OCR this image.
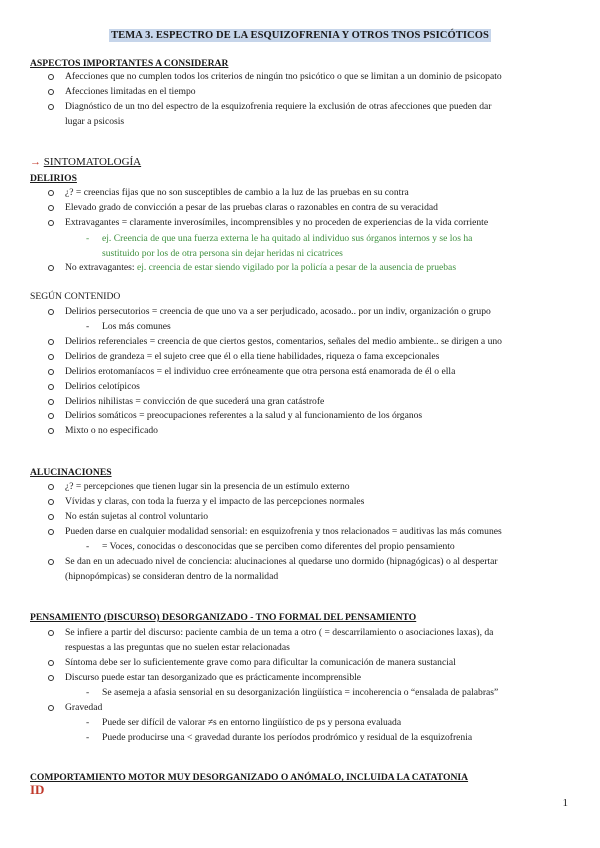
TEMA 3. ESPECTRO DE LA ESQUIZOFRENIA Y OTROS TNOS PSICÓTICOS
ASPECTOS IMPORTANTES A CONSIDERAR
Afecciones que no cumplen todos los criterios de ningún tno psicótico o que se limitan a un dominio de psicopato
Afecciones limitadas en el tiempo
Diagnóstico de un tno del espectro de la esquizofrenia requiere la exclusión de otras afecciones que pueden dar
lugar a psicosis
→ SINTOMATOLOGÍA
DELIRIOS
¿? = creencias fijas que no son susceptibles de cambio a la luz de las pruebas en su contra
Elevado grado de convicción a pesar de las pruebas claras o razonables en contra de su veracidad
Extravagantes = claramente inverosímiles, incomprensibles y no proceden de experiencias de la vida corriente
- ej. Creencia de que una fuerza externa le ha quitado al individuo sus órganos internos y se los ha
sustituido por los de otra persona sin dejar heridas ni cicatrices
No extravagantes: ej. creencia de estar siendo vigilado por la policía a pesar de la ausencia de pruebas
SEGÚN CONTENIDO
Delirios persecutorios = creencia de que uno va a ser perjudicado, acosado.. por un indiv, organización o grupo
- Los más comunes
Delirios referenciales = creencia de que ciertos gestos, comentarios, señales del medio ambiente.. se dirigen a uno
Delirios de grandeza = el sujeto cree que él o ella tiene habilidades, riqueza o fama excepcionales
Delirios erotomaníacos = el individuo cree erróneamente que otra persona está enamorada de él o ella
Delirios celotípicos
Delirios nihilistas = convicción de que sucederá una gran catástrofe
Delirios somáticos = preocupaciones referentes a la salud y al funcionamiento de los órganos
Mixto o no especificado
ALUCINACIONES
¿? = percepciones que tienen lugar sin la presencia de un estímulo externo
Vívidas y claras, con toda la fuerza y el impacto de las percepciones normales
No están sujetas al control voluntario
Pueden darse en cualquier modalidad sensorial: en esquizofrenia y tnos relacionados = auditivas las más comunes
- = Voces, conocidas o desconocidas que se perciben como diferentes del propio pensamiento
Se dan en un adecuado nivel de conciencia: alucinaciones al quedarse uno dormido (hipnagógicas) o al despertar
(hipnopómpicas) se consideran dentro de la normalidad
PENSAMIENTO (DISCURSO) DESORGANIZADO - TNO FORMAL DEL PENSAMIENTO
Se infiere a partir del discurso: paciente cambia de un tema a otro ( = descarrilamiento o asociaciones laxas), da
respuestas a las preguntas que no suelen estar relacionadas
Síntoma debe ser lo suficientemente grave como para dificultar la comunicación de manera sustancial
Discurso puede estar tan desorganizado que es prácticamente incomprensible
- Se asemeja a afasia sensorial en su desorganización lingüística = incoherencia o “ensalada de palabras”
Gravedad
- Puede ser difícil de valorar ≠s en entorno lingüístico de ps y persona evaluada
- Puede producirse una < gravedad durante los períodos prodrómico y residual de la esquizofrenia
COMPORTAMIENTO MOTOR MUY DESORGANIZADO O ANÓMALO, INCLUIDA LA CATATONIA
ID
1
